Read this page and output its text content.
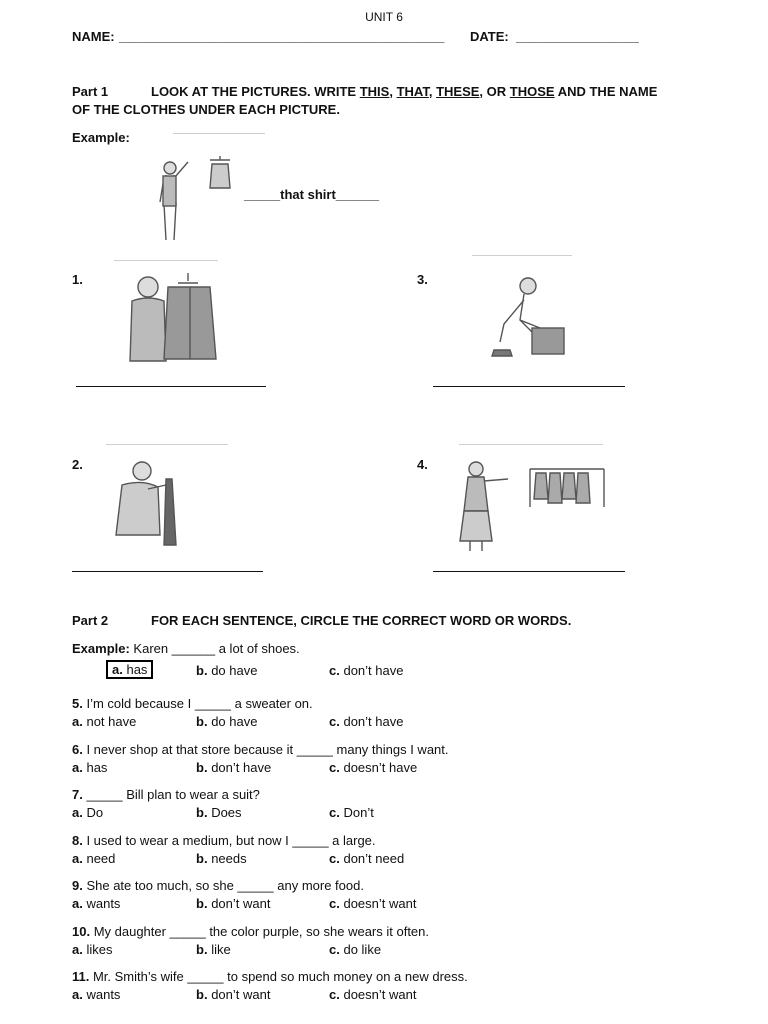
UNIT 6
NAME: _____________________________________________ DATE: _________________
Part 1	LOOK AT THE PICTURES. WRITE THIS, THAT, THESE, OR THOSE AND THE NAME
OF THE CLOTHES UNDER EACH PICTURE.
Example:
_____that shirt______
1.	3.
2.	4.
Part 2	FOR EACH SENTENCE, CIRCLE THE CORRECT WORD OR WORDS.
Example: Karen ______ a lot of shoes.
a. has	b. do have	c. don’t have
5. I’m cold because I _____ a sweater on.
a. not have	b. do have	c. don’t have
6. I never shop at that store because it _____ many things I want.
a. has	b. don’t have	c. doesn’t have
7. _____ Bill plan to wear a suit?
a. Do	b. Does	c. Don’t
8. I used to wear a medium, but now I _____ a large.
a. need	b. needs	c. don’t need
9. She ate too much, so she _____ any more food.
a. wants	b. don’t want	c. doesn’t want
10. My daughter _____ the color purple, so she wears it often.
a. likes	b. like	c. do like
11. Mr. Smith’s wife _____ to spend so much money on a new dress.
a. wants	b. don’t want	c. doesn’t want
